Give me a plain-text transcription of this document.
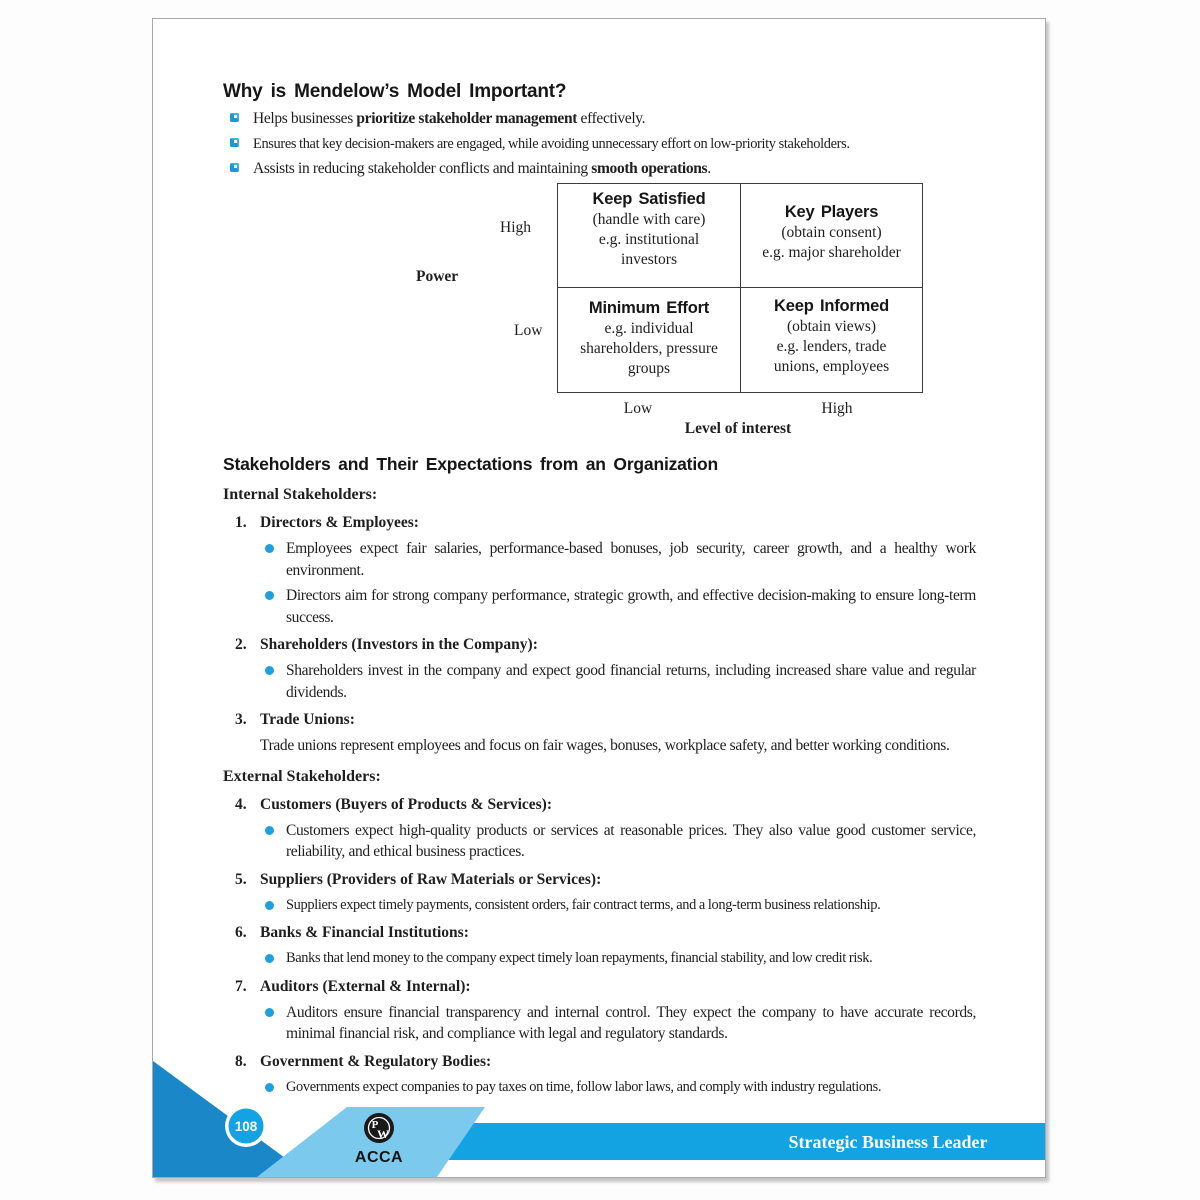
Why is Mendelow’s Model Important?
Helps businesses prioritize stakeholder management effectively.
Ensures that key decision-makers are engaged, while avoiding unnecessary effort on low-priority stakeholders.
Assists in reducing stakeholder conflicts and maintaining smooth operations.
Keep Satisfied
(handle with care)
e.g. institutional
investors
Key Players
(obtain consent)
e.g. major shareholder
Minimum Effort
e.g. individual
shareholders, pressure
groups
Keep Informed
(obtain views)
e.g. lenders, trade
unions, employees
High
Power
Low
Low	High
Level of interest
Stakeholders and Their Expectations from an Organization
Internal Stakeholders:
1. Directors & Employees:
Employees expect fair salaries, performance-based bonuses, job security, career growth, and a healthy work environment.
Directors aim for strong company performance, strategic growth, and effective decision-making to ensure long-term success.
2. Shareholders (Investors in the Company):
Shareholders invest in the company and expect good financial returns, including increased share value and regular dividends.
3. Trade Unions:
Trade unions represent employees and focus on fair wages, bonuses, workplace safety, and better working conditions.
External Stakeholders:
4. Customers (Buyers of Products & Services):
Customers expect high-quality products or services at reasonable prices. They also value good customer service, reliability, and ethical business practices.
5. Suppliers (Providers of Raw Materials or Services):
Suppliers expect timely payments, consistent orders, fair contract terms, and a long-term business relationship.
6. Banks & Financial Institutions:
Banks that lend money to the company expect timely loan repayments, financial stability, and low credit risk.
7. Auditors (External & Internal):
Auditors ensure financial transparency and internal control. They expect the company to have accurate records, minimal financial risk, and compliance with legal and regulatory standards.
8. Government & Regulatory Bodies:
Governments expect companies to pay taxes on time, follow labor laws, and comply with industry regulations.
Strategic Business Leader
108	P
W
ACCA
